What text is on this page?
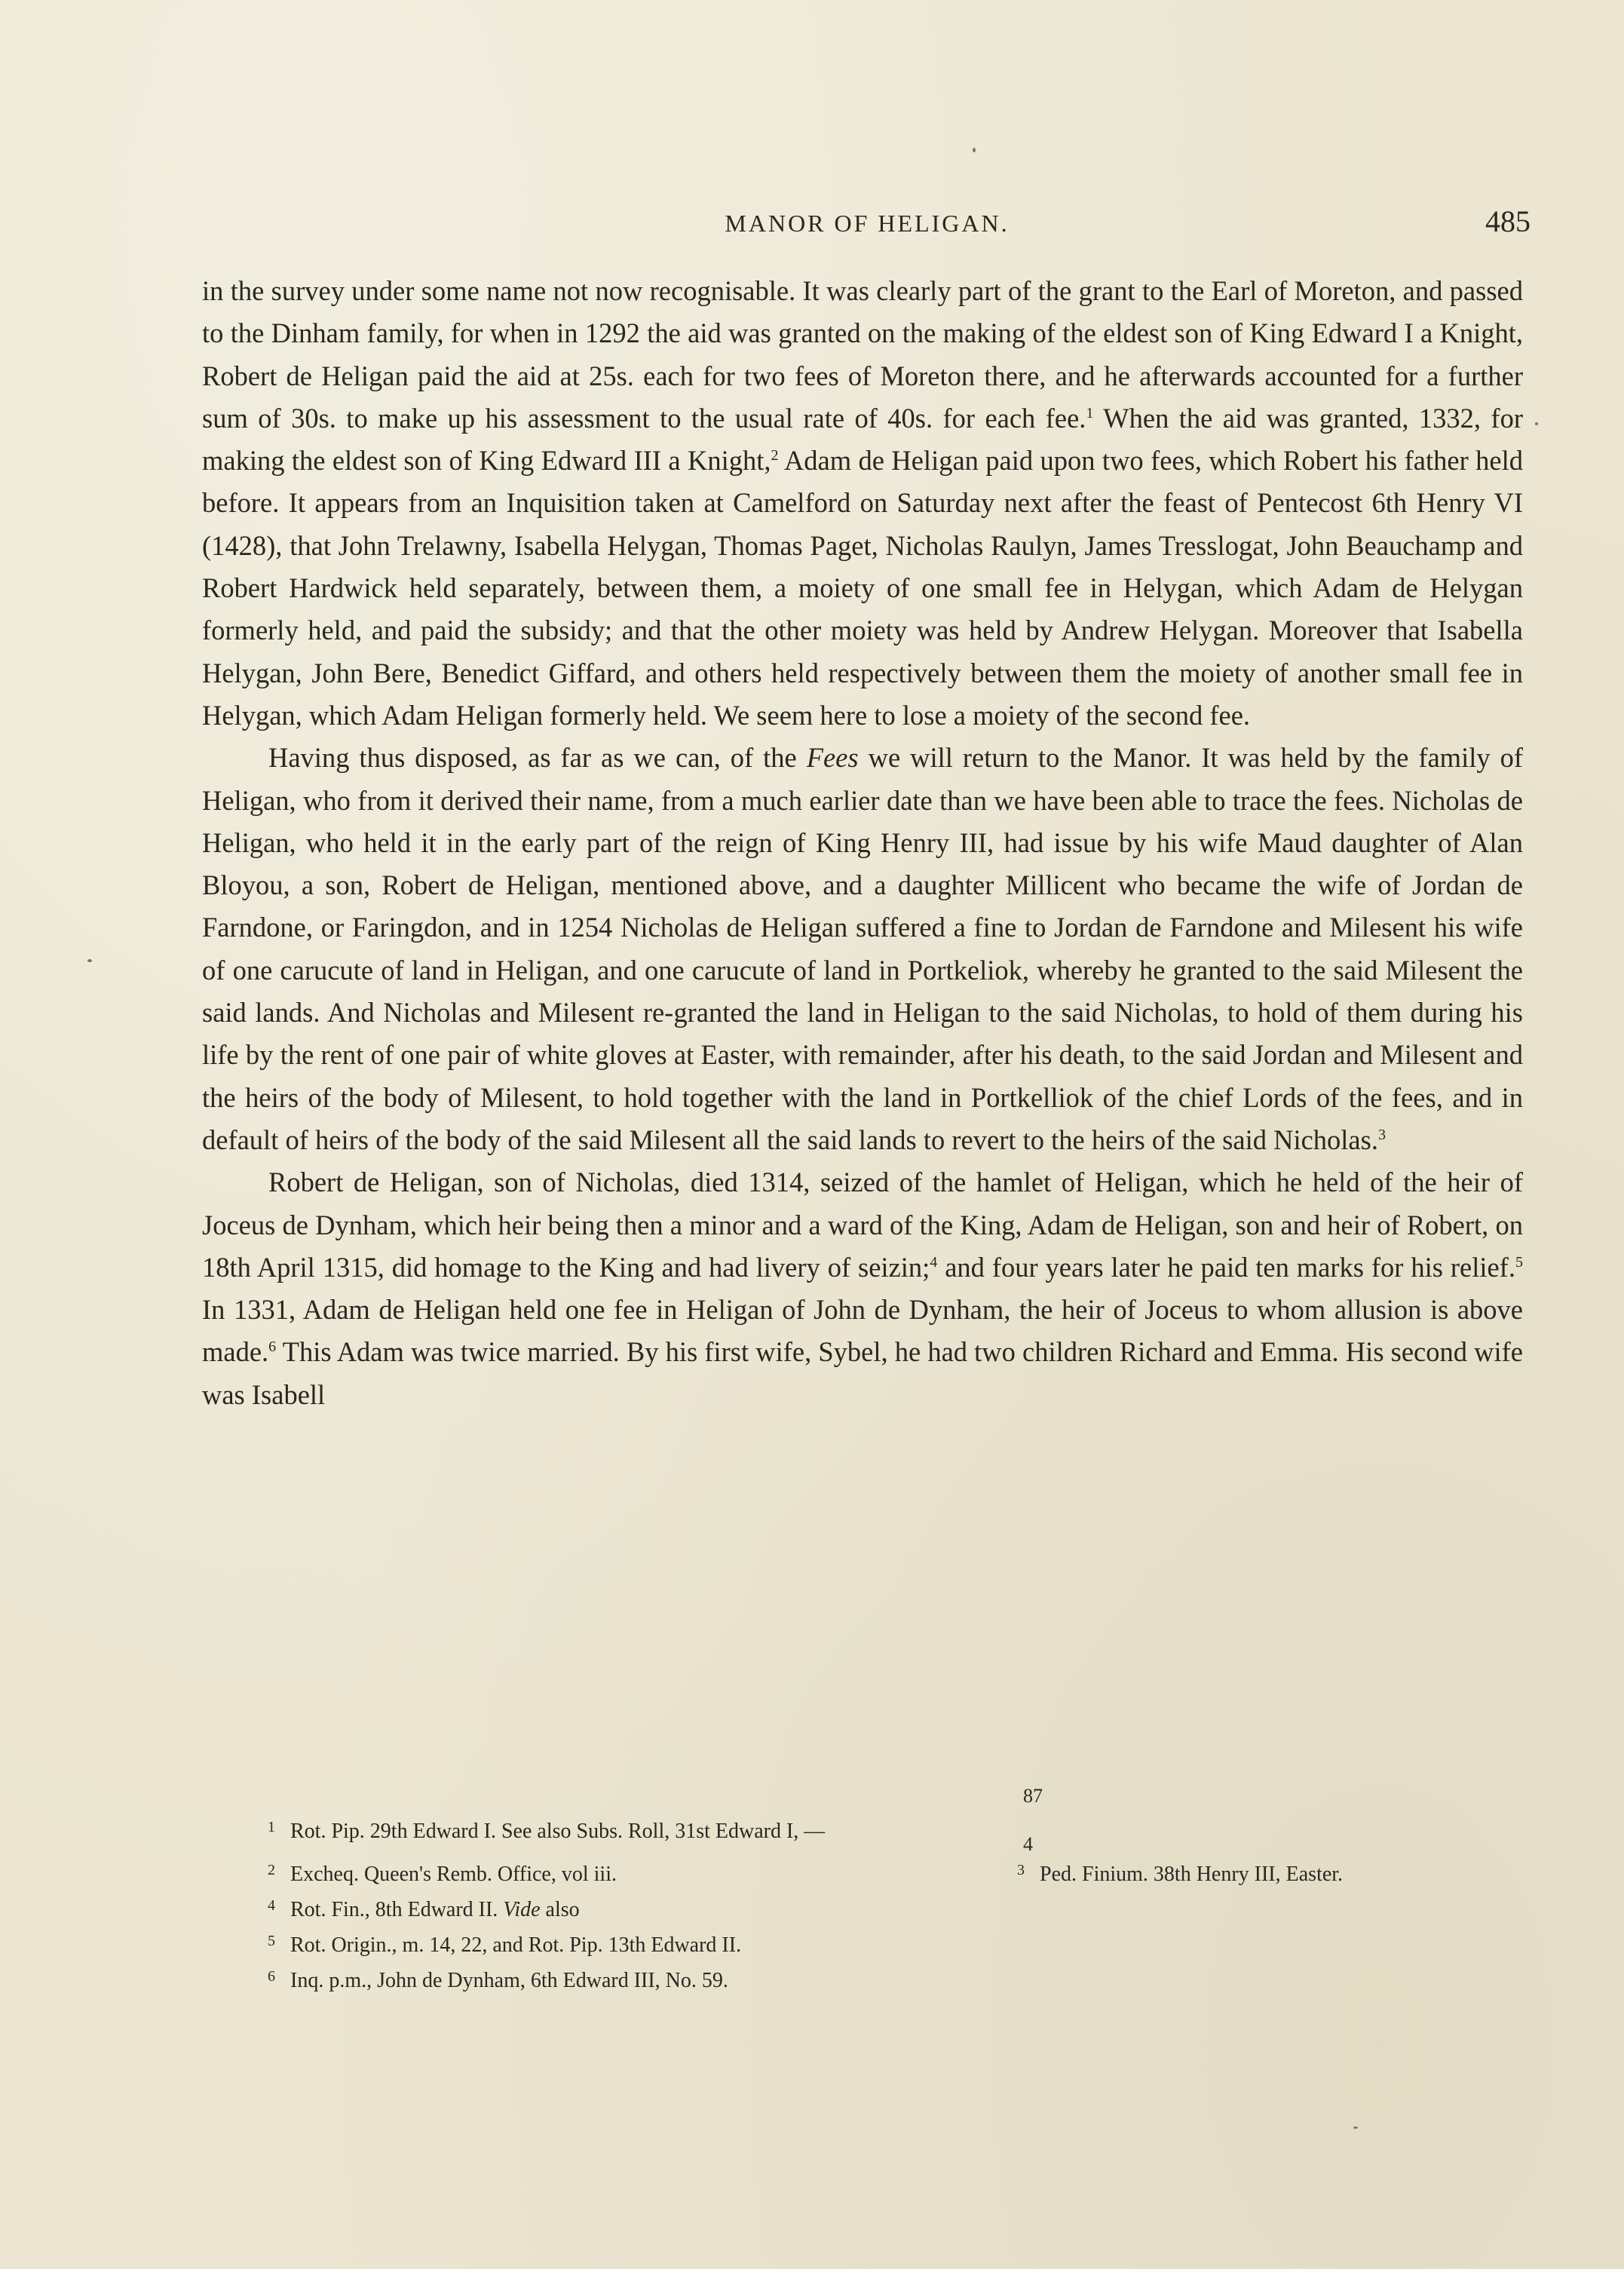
MANOR OF HELIGAN.	485

in the survey under some name not now recognisable. It was clearly part of the grant to the Earl of Moreton, and passed to the Dinham family, for when in 1292 the aid was granted on the making of the eldest son of King Edward I a Knight, Robert de Heligan paid the aid at 25s. each for two fees of Moreton there, and he afterwards accounted for a further sum of 30s. to make up his assessment to the usual rate of 40s. for each fee.$^1$ When the aid was granted, 1332, for making the eldest son of King Edward III a Knight,$^2$ Adam de Heligan paid upon two fees, which Robert his father held before. It appears from an Inquisition taken at Camelford on Saturday next after the feast of Pentecost 6th Henry VI (1428), that John Trelawny, Isabella Helygan, Thomas Paget, Nicholas Raulyn, James Tresslogat, John Beauchamp and Robert Hardwick held separately, between them, a moiety of one small fee in Helygan, which Adam de Helygan formerly held, and paid the subsidy; and that the other moiety was held by Andrew Helygan. Moreover that Isabella Helygan, John Bere, Benedict Giffard, and others held respectively between them the moiety of another small fee in Helygan, which Adam Heligan formerly held. We seem here to lose a moiety of the second fee.

Having thus disposed, as far as we can, of the Fees we will return to the Manor. It was held by the family of Heligan, who from it derived their name, from a much earlier date than we have been able to trace the fees. Nicholas de Heligan, who held it in the early part of the reign of King Henry III, had issue by his wife Maud daughter of Alan Bloyou, a son, Robert de Heligan, mentioned above, and a daughter Millicent who became the wife of Jordan de Farndone, or Faringdon, and in 1254 Nicholas de Heligan suffered a fine to Jordan de Farndone and Milesent his wife of one carucute of land in Heligan, and one carucute of land in Portkeliok, whereby he granted to the said Milesent the said lands. And Nicholas and Milesent re-granted the land in Heligan to the said Nicholas, to hold of them during his life by the rent of one pair of white gloves at Easter, with remainder, after his death, to the said Jordan and Milesent and the heirs of the body of Milesent, to hold together with the land in Portkelliok of the chief Lords of the fees, and in default of heirs of the body of the said Milesent all the said lands to revert to the heirs of the said Nicholas.$^3$

Robert de Heligan, son of Nicholas, died 1314, seized of the hamlet of Heligan, which he held of the heir of Joceus de Dynham, which heir being then a minor and a ward of the King, Adam de Heligan, son and heir of Robert, on 18th April 1315, did homage to the King and had livery of seizin;$^4$ and four years later he paid ten marks for his relief.$^5$ In 1331, Adam de Heligan held one fee in Heligan of John de Dynham, the heir of Joceus to whom allusion is above made.$^6$ This Adam was twice married. By his first wife, Sybel, he had two children Richard and Emma. His second wife was Isabell

1 Rot. Pip. 29th Edward I. See also Subs. Roll, 31st Edward I, —
87
4
2 Excheq. Queen's Remb. Office, vol iii.	3 Ped. Finium. 38th Henry III, Easter.
4 Rot. Fin., 8th Edward II. Vide also
5 Rot. Origin., m. 14, 22, and Rot. Pip. 13th Edward II.
6 Inq. p.m., John de Dynham, 6th Edward III, No. 59.
